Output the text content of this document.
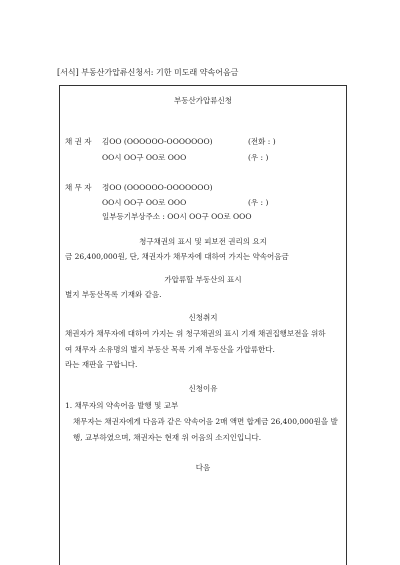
[서식] 부동산가압류신청서: 기한 미도래 약속어음금
부동산가압류신청
채 권 자 김OO (OOOOOO-OOOOOOO)	(전화 : )
OO시 OO구 OO로 OOO	(우 : )
채 무 자 정OO (OOOOOO-OOOOOOO)
OO시 OO구 OO로 OOO	(우 : )
일부등기부상주소 : OO시 OO구 OO로 OOO
청구채권의 표시 및 피보전 권리의 요지
금 26,400,000원, 단, 채권자가 채무자에 대하여 가지는 약속어음금
가압류할 부동산의 표시
별지 부동산목록 기재와 같음.
신청취지
채권자가 채무자에 대하여 가지는 위 청구채권의 표시 기재 채권집행보전을 위하
여 채무자 소유명의 별지 부동산 목록 기재 부동산을 가압류한다.
라는 재판을 구합니다.
신청이유
1. 채무자의 약속어음 발행 및 교부
채무자는 채권자에게 다음과 같은 약속어음 2매 액면 합계금 26,400,000원을 발
행, 교부하였으며, 채권자는 현재 위 어음의 소지인입니다.
다음
